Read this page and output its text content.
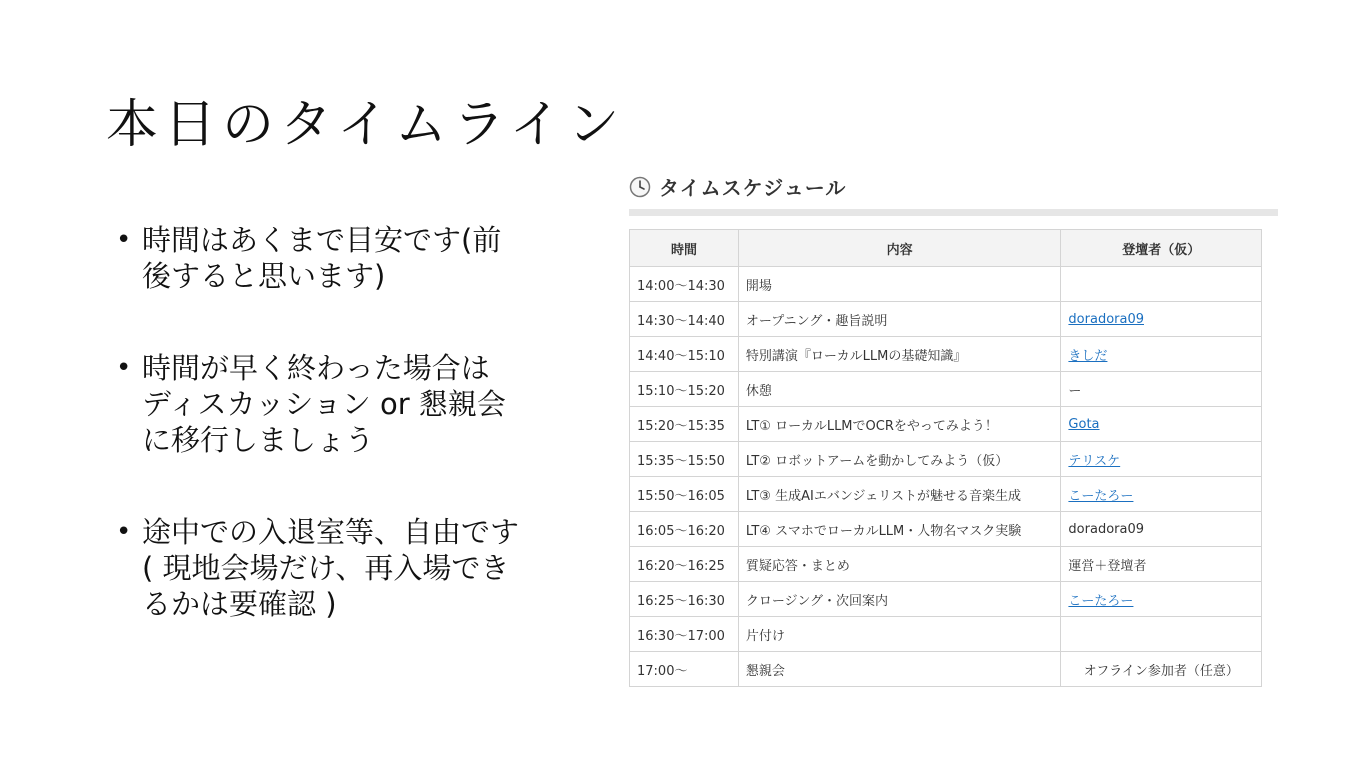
本日のタイムライン
• 時間はあくまで目安です(前
後すると思います)
• 時間が早く終わった場合は
ディスカッション or 懇親会
に移行しましょう
• 途中での入退室等、自由です
( 現地会場だけ、再入場でき
るかは要確認 )
タイムスケジュール
時間	内容	登壇者（仮）
14:00〜14:30	開場	
14:30〜14:40	オープニング・趣旨説明	doradora09
14:40〜15:10	特別講演『ローカルLLMの基礎知識』	きしだ
15:10〜15:20	休憩	ー
15:20〜15:35	LT① ローカルLLMでOCRをやってみよう！	Gota
15:35〜15:50	LT② ロボットアームを動かしてみよう（仮）	テリスケ
15:50〜16:05	LT③ 生成AIエバンジェリストが魅せる音楽生成	こーたろー
16:05〜16:20	LT④ スマホでローカルLLM・人物名マスク実験	doradora09
16:20〜16:25	質疑応答・まとめ	運営＋登壇者
16:25〜16:30	クロージング・次回案内	こーたろー
16:30〜17:00	片付け	
17:00〜	懇親会	オフライン参加者（任意）
